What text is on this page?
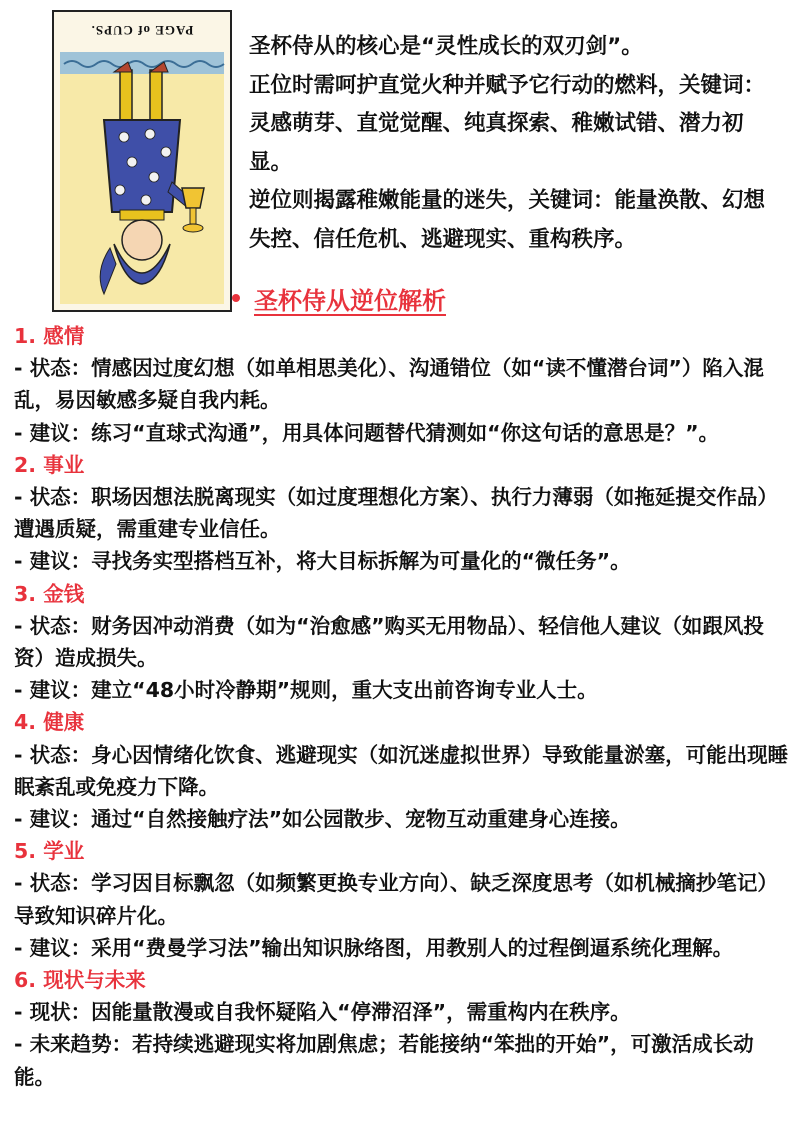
PAGE of CUPS.

圣杯侍从的核心是“灵性成长的双刃剑”。

正位时需呵护直觉火种并赋予它行动的燃料，关键词：灵感萌芽、直觉觉醒、纯真探索、稚嫩试错、潜力初显。

逆位则揭露稚嫩能量的迷失，关键词：能量涣散、幻想失控、信任危机、逃避现实、重构秩序。

圣杯侍从逆位解析

1. 感情

- 状态：情感因过度幻想（如单相思美化）、沟通错位（如“读不懂潜台词”）陷入混乱，易因敏感多疑自我内耗。

- 建议：练习“直球式沟通”，用具体问题替代猜测如“你这句话的意思是？”。

2. 事业

- 状态：职场因想法脱离现实（如过度理想化方案）、执行力薄弱（如拖延提交作品）遭遇质疑，需重建专业信任。

- 建议：寻找务实型搭档互补，将大目标拆解为可量化的“微任务”。

3. 金钱

- 状态：财务因冲动消费（如为“治愈感”购买无用物品）、轻信他人建议（如跟风投资）造成损失。

- 建议：建立“48小时冷静期”规则，重大支出前咨询专业人士。

4. 健康

- 状态：身心因情绪化饮食、逃避现实（如沉迷虚拟世界）导致能量淤塞，可能出现睡眠紊乱或免疫力下降。

- 建议：通过“自然接触疗法”如公园散步、宠物互动重建身心连接。

5. 学业

- 状态：学习因目标飘忽（如频繁更换专业方向）、缺乏深度思考（如机械摘抄笔记）导致知识碎片化。

- 建议：采用“费曼学习法”输出知识脉络图，用教别人的过程倒逼系统化理解。

6. 现状与未来

- 现状：因能量散漫或自我怀疑陷入“停滞沼泽”，需重构内在秩序。

- 未来趋势：若持续逃避现实将加剧焦虑；若能接纳“笨拙的开始”，可激活成长动能。
